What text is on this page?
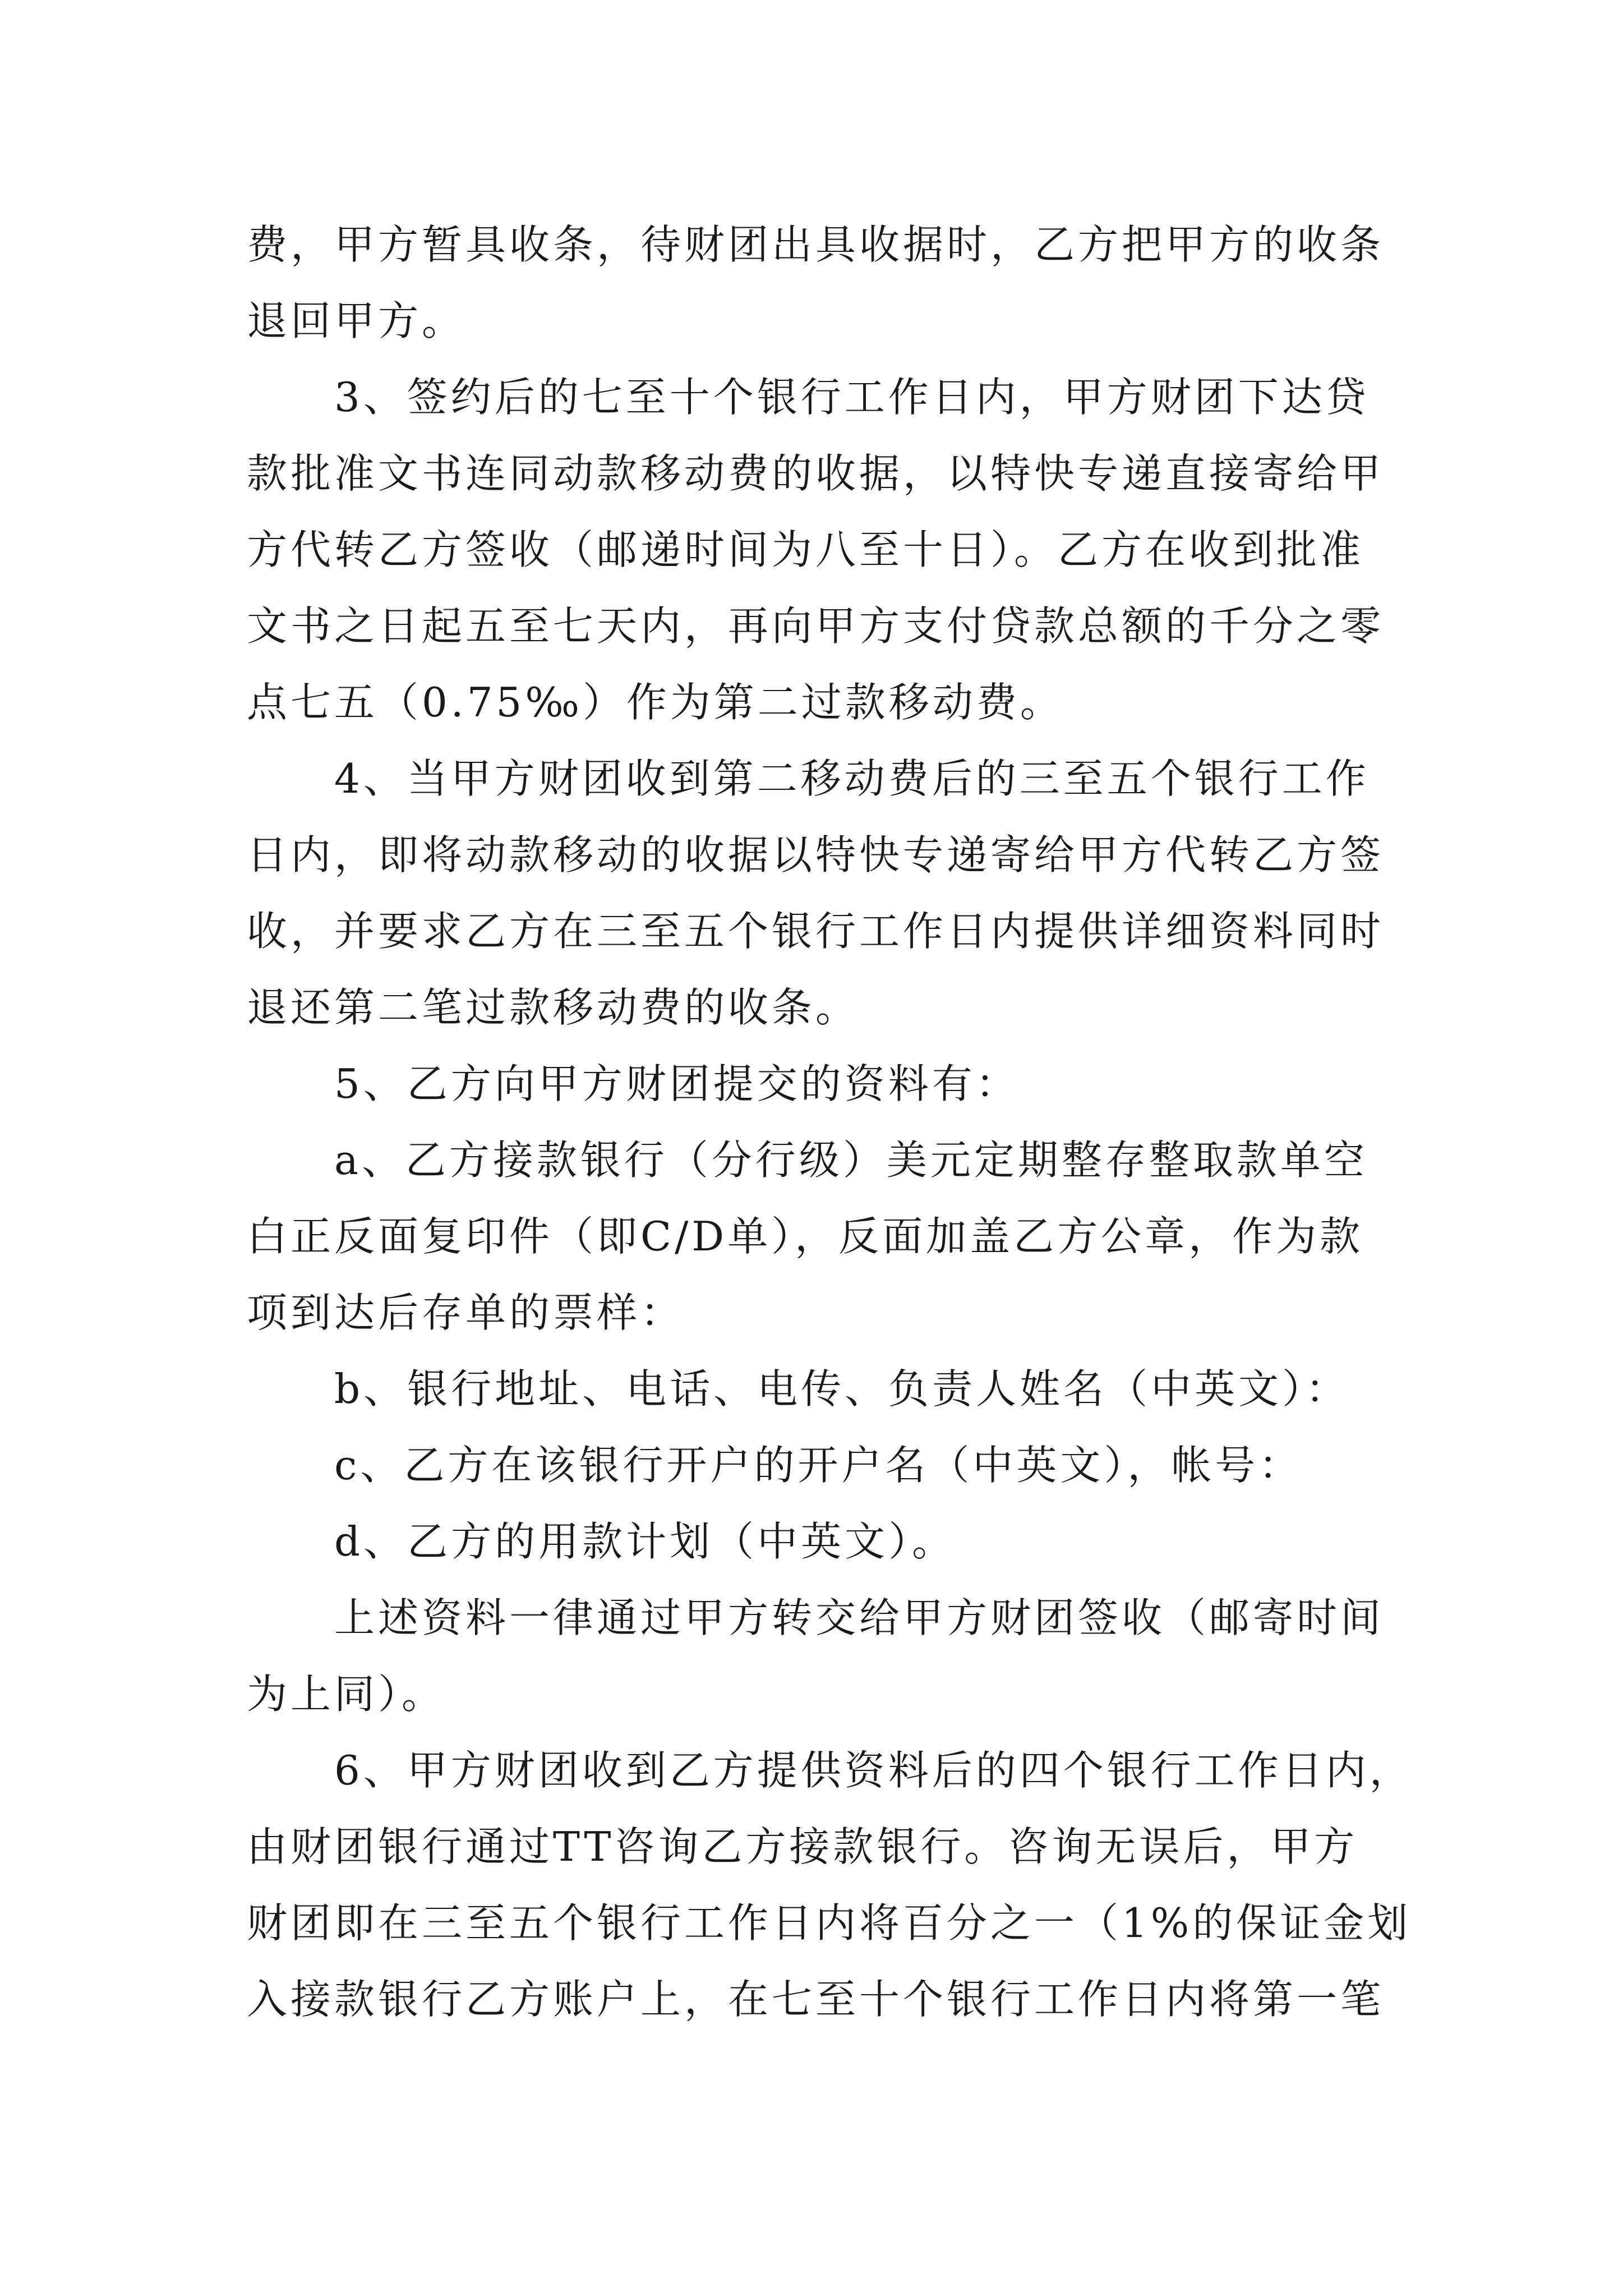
费，甲方暂具收条，待财团出具收据时，乙方把甲方的收条
退回甲方。
　　3、签约后的七至十个银行工作日内，甲方财团下达贷
款批准文书连同动款移动费的收据，以特快专递直接寄给甲
方代转乙方签收（邮递时间为八至十日）。乙方在收到批准
文书之日起五至七天内，再向甲方支付贷款总额的千分之零
点七五（0.75‰）作为第二过款移动费。
　　4、当甲方财团收到第二移动费后的三至五个银行工作
日内，即将动款移动的收据以特快专递寄给甲方代转乙方签
收，并要求乙方在三至五个银行工作日内提供详细资料同时
退还第二笔过款移动费的收条。
　　5、乙方向甲方财团提交的资料有：
　　a、乙方接款银行（分行级）美元定期整存整取款单空
白正反面复印件（即C/D单），反面加盖乙方公章，作为款
项到达后存单的票样：
　　b、银行地址、电话、电传、负责人姓名（中英文）：
　　c、乙方在该银行开户的开户名（中英文），帐号：
　　d、乙方的用款计划（中英文）。
　　上述资料一律通过甲方转交给甲方财团签收（邮寄时间
为上同）。
　　6、甲方财团收到乙方提供资料后的四个银行工作日内，
由财团银行通过TT咨询乙方接款银行。咨询无误后，甲方
财团即在三至五个银行工作日内将百分之一（1%的保证金划
入接款银行乙方账户上，在七至十个银行工作日内将第一笔
